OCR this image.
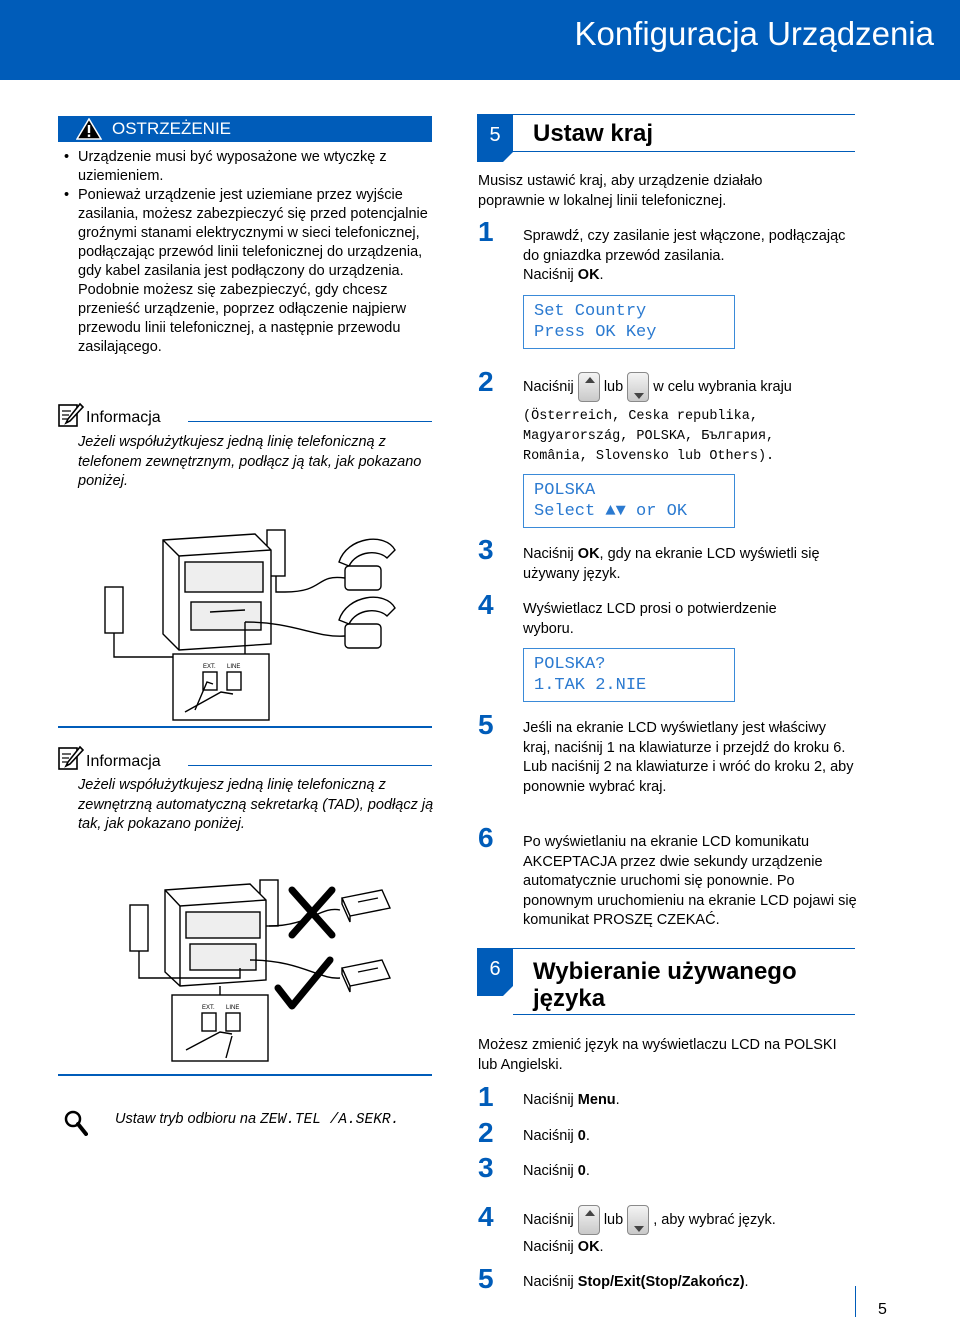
Konfiguracja Urządzenia
OSTRZEŻENIE
• Urządzenie musi być wyposażone we wtyczkę z uziemieniem.
• Ponieważ urządzenie jest uziemiane przez wyjście zasilania, możesz zabezpieczyć się przed potencjalnie groźnymi stanami elektrycznymi w sieci telefonicznej, podłączając przewód linii telefonicznej do urządzenia, gdy kabel zasilania jest podłączony do urządzenia. Podobnie możesz się zabezpieczyć, gdy chcesz przenieść urządzenie, poprzez odłączenie najpierw przewodu linii telefonicznej, a następnie przewodu zasilającego.
Informacja
Jeżeli współużytkujesz jedną linię telefoniczną z telefonem zewnętrznym, podłącz ją tak, jak pokazano poniżej.
EXT. LINE
Informacja
Jeżeli współużytkujesz jedną linię telefoniczną z zewnętrzną automatyczną sekretarką (TAD), podłącz ją tak, jak pokazano poniżej.
EXT. LINE
Ustaw tryb odbioru na ZEW.TEL /A.SEKR.
5	Ustaw kraj
Musisz ustawić kraj, aby urządzenie działało poprawnie w lokalnej linii telefonicznej.
1 Sprawdź, czy zasilanie jest włączone, podłączając do gniazdka przewód zasilania.
Naciśnij OK.
Set Country
Press OK Key
2 Naciśnij lub w celu wybrania kraju
(Österreich, Ceska republika, Magyarország, POLSKA, България, România, Slovensko lub Others).
POLSKA
Select ▲▼ or OK
3 Naciśnij OK, gdy na ekranie LCD wyświetli się używany język.
4 Wyświetlacz LCD prosi o potwierdzenie wyboru.
POLSKA?
1.TAK 2.NIE
5 Jeśli na ekranie LCD wyświetlany jest właściwy kraj, naciśnij 1 na klawiaturze i przejdź do kroku 6. Lub naciśnij 2 na klawiaturze i wróć do kroku 2, aby ponownie wybrać kraj.
6 Po wyświetlaniu na ekranie LCD komunikatu AKCEPTACJA przez dwie sekundy urządzenie automatycznie uruchomi się ponownie. Po ponownym uruchomieniu na ekranie LCD pojawi się komunikat PROSZĘ CZEKAĆ.
6	Wybieranie używanego języka
Możesz zmienić język na wyświetlaczu LCD na POLSKI lub Angielski.
1 Naciśnij Menu.
2 Naciśnij 0.
3 Naciśnij 0.
4 Naciśnij lub , aby wybrać język.
Naciśnij OK.
5 Naciśnij Stop/Exit(Stop/Zakończ).
5
